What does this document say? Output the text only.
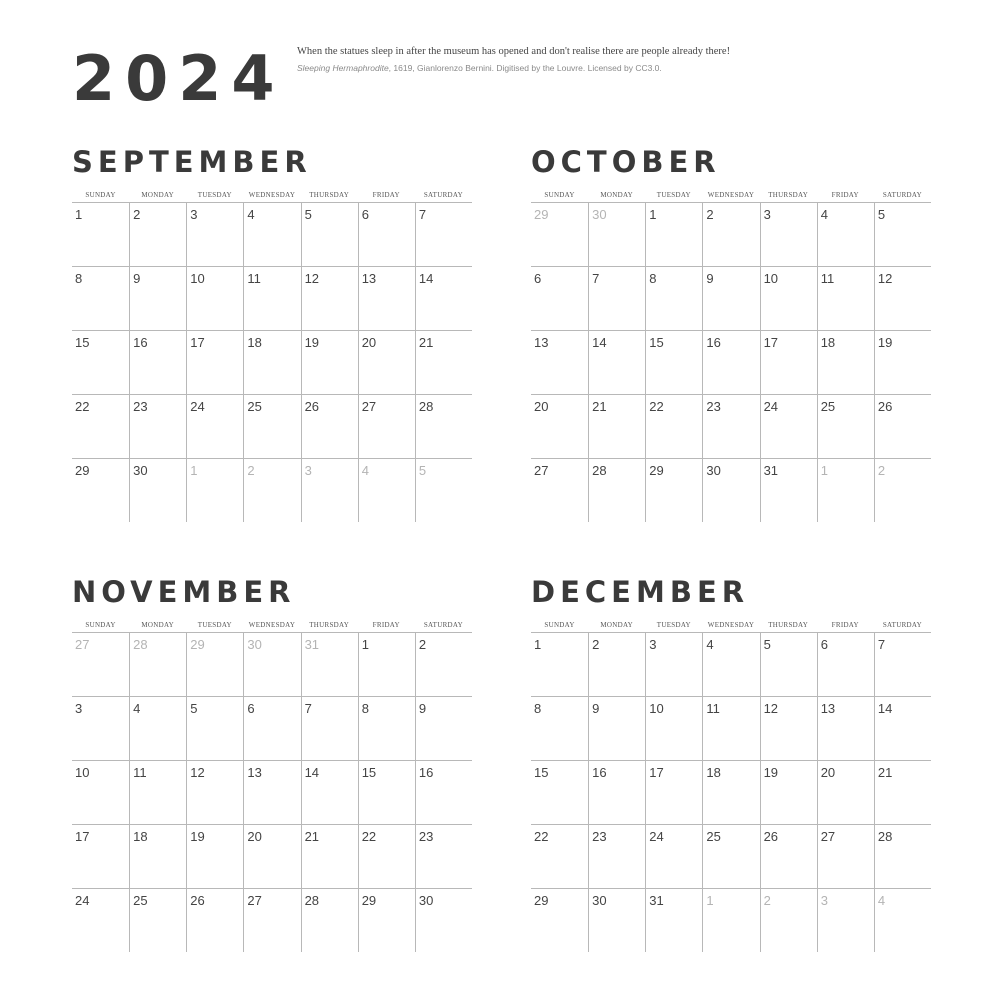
2024 When the statues sleep in after the museum has opened and don't realise there are people already there!
Sleeping Hermaphrodite, 1619, Gianlorenzo Bernini. Digitised by the Louvre. Licensed by CC3.0.
SEPTEMBER
SUNDAY	MONDAY	TUESDAY	WEDNESDAY	THURSDAY	FRIDAY	SATURDAY
1	2	3	4	5	6	7
8	9	10	11	12	13	14
15	16	17	18	19	20	21
22	23	24	25	26	27	28
29	30	1	2	3	4	5
OCTOBER
SUNDAY	MONDAY	TUESDAY	WEDNESDAY	THURSDAY	FRIDAY	SATURDAY
29	30	1	2	3	4	5
6	7	8	9	10	11	12
13	14	15	16	17	18	19
20	21	22	23	24	25	26
27	28	29	30	31	1	2
NOVEMBER
SUNDAY	MONDAY	TUESDAY	WEDNESDAY	THURSDAY	FRIDAY	SATURDAY
27	28	29	30	31	1	2
3	4	5	6	7	8	9
10	11	12	13	14	15	16
17	18	19	20	21	22	23
24	25	26	27	28	29	30
DECEMBER
SUNDAY	MONDAY	TUESDAY	WEDNESDAY	THURSDAY	FRIDAY	SATURDAY
1	2	3	4	5	6	7
8	9	10	11	12	13	14
15	16	17	18	19	20	21
22	23	24	25	26	27	28
29	30	31	1	2	3	4
